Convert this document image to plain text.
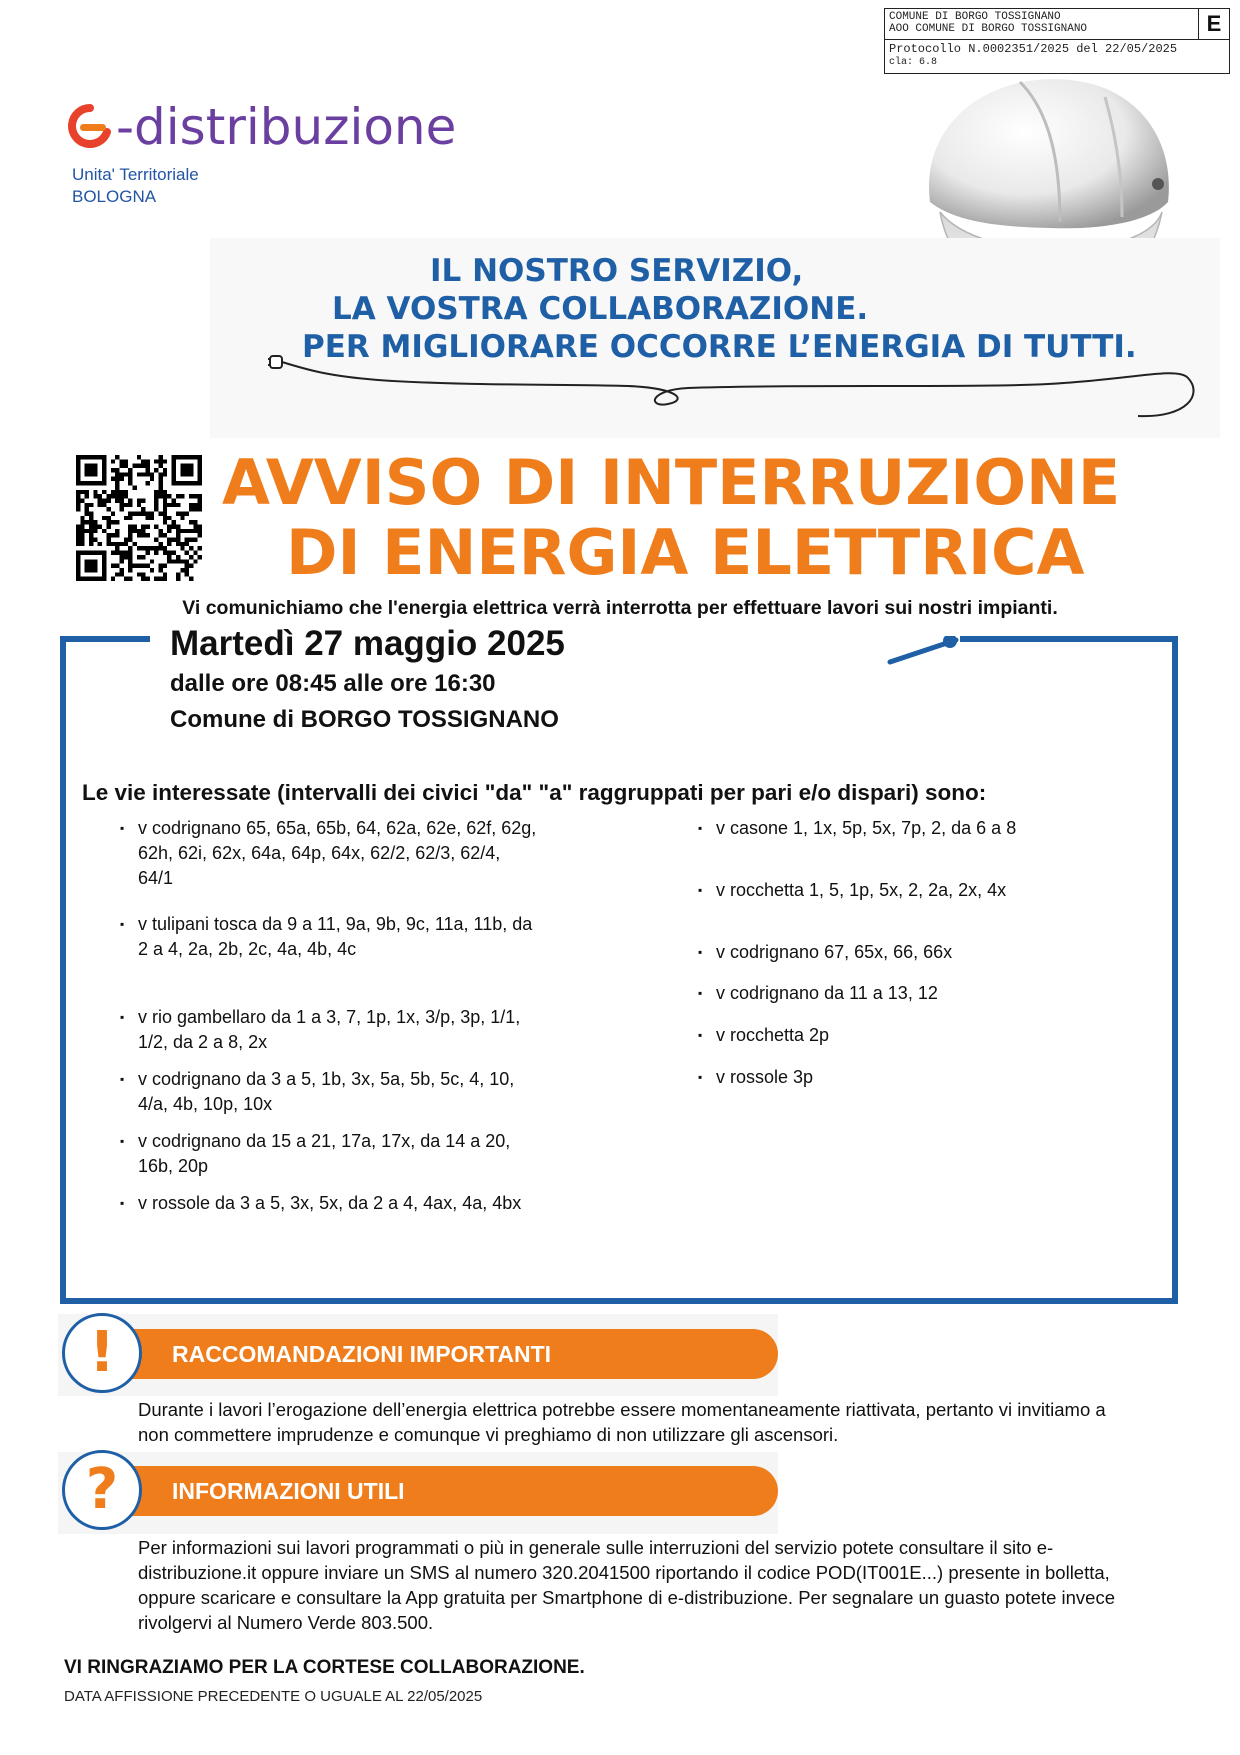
COMUNE DI BORGO TOSSIGNANO
AOO COMUNE DI BORGO TOSSIGNANO	E
Protocollo N.0002351/2025 del 22/05/2025
cla: 6.8
-distribuzione
Unita' Territoriale
BOLOGNA
IL NOSTRO SERVIZIO,
LA VOSTRA COLLABORAZIONE.
PER MIGLIORARE OCCORRE L’ENERGIA DI TUTTI.
AVVISO DI INTERRUZIONE
DI ENERGIA ELETTRICA
Vi comunichiamo che l'energia elettrica verrà interrotta per effettuare lavori sui nostri impianti.
Martedì 27 maggio 2025
dalle ore 08:45 alle ore 16:30
Comune di BORGO TOSSIGNANO
Le vie interessate (intervalli dei civici "da" "a" raggruppati per pari e/o dispari) sono:
▪ v codrignano 65, 65a, 65b, 64, 62a, 62e, 62f, 62g, 62h, 62i, 62x, 64a, 64p, 64x, 62/2, 62/3, 62/4, 64/1
▪ v tulipani tosca da 9 a 11, 9a, 9b, 9c, 11a, 11b, da 2 a 4, 2a, 2b, 2c, 4a, 4b, 4c
▪ v rio gambellaro da 1 a 3, 7, 1p, 1x, 3/p, 3p, 1/1, 1/2, da 2 a 8, 2x
▪ v codrignano da 3 a 5, 1b, 3x, 5a, 5b, 5c, 4, 10, 4/a, 4b, 10p, 10x
▪ v codrignano da 15 a 21, 17a, 17x, da 14 a 20, 16b, 20p
▪ v rossole da 3 a 5, 3x, 5x, da 2 a 4, 4ax, 4a, 4bx
▪ v casone 1, 1x, 5p, 5x, 7p, 2, da 6 a 8
▪ v rocchetta 1, 5, 1p, 5x, 2, 2a, 2x, 4x
▪ v codrignano 67, 65x, 66, 66x
▪ v codrignano da 11 a 13, 12
▪ v rocchetta 2p
▪ v rossole 3p
RACCOMANDAZIONI IMPORTANTI
!
Durante i lavori l’erogazione dell’energia elettrica potrebbe essere momentaneamente riattivata, pertanto vi invitiamo a non commettere imprudenze e comunque vi preghiamo di non utilizzare gli ascensori.
INFORMAZIONI UTILI
?
Per informazioni sui lavori programmati o più in generale sulle interruzioni del servizio potete consultare il sito e-distribuzione.it oppure inviare un SMS al numero 320.2041500 riportando il codice POD(IT001E...) presente in bolletta, oppure scaricare e consultare la App gratuita per Smartphone di e-distribuzione. Per segnalare un guasto potete invece rivolgervi al Numero Verde 803.500.
VI RINGRAZIAMO PER LA CORTESE COLLABORAZIONE.
DATA AFFISSIONE PRECEDENTE O UGUALE AL 22/05/2025
